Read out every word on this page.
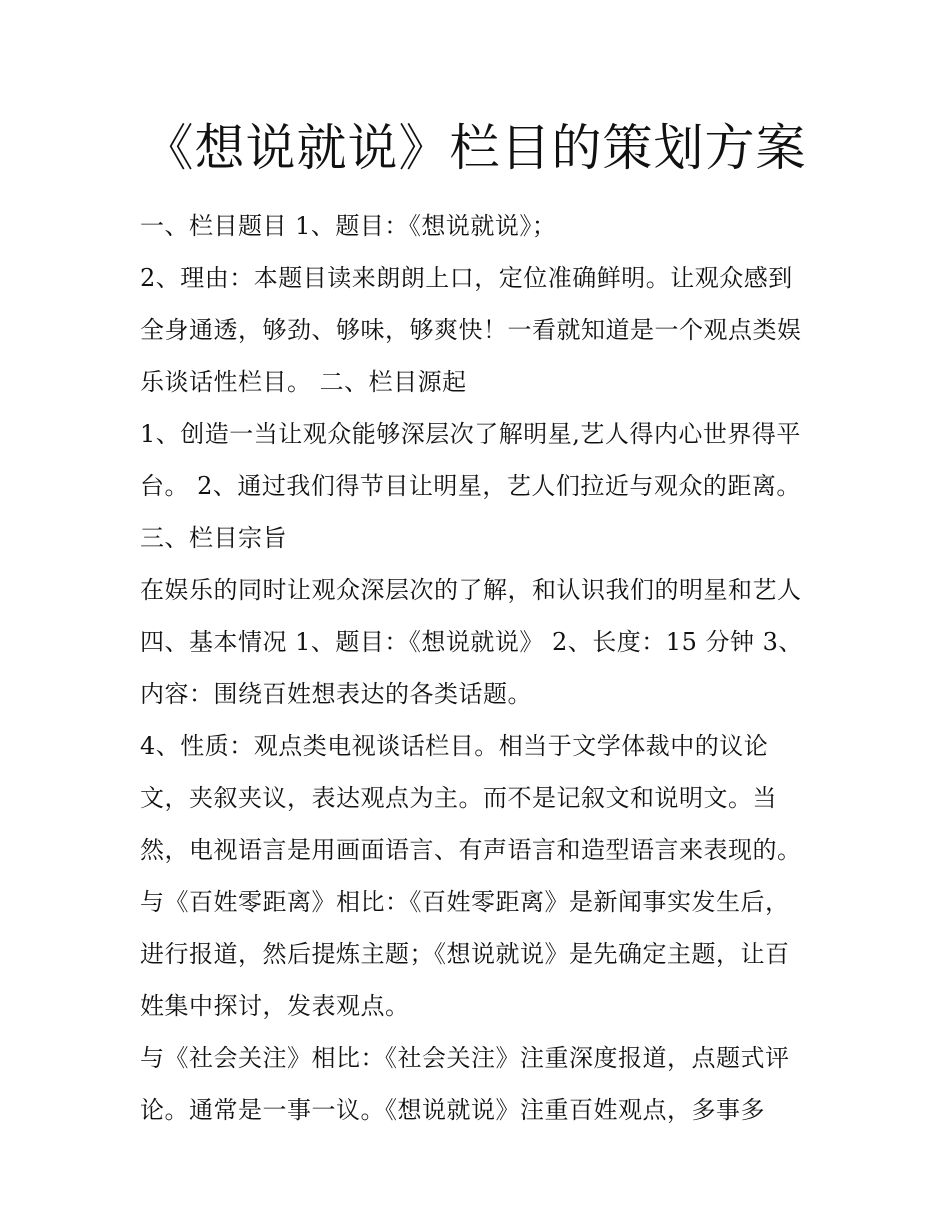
《想说就说》栏目的策划方案
一、栏目题目 1、题目：《想说就说》；
2、理由：本题目读来朗朗上口，定位准确鲜明。让观众感到
全身通透，够劲、够味，够爽快！一看就知道是一个观点类娱
乐谈话性栏目。 二、栏目源起
1、创造一当让观众能够深层次了解明星,艺人得内心世界得平
台。 2、通过我们得节目让明星，艺人们拉近与观众的距离。
三、栏目宗旨
在娱乐的同时让观众深层次的了解，和认识我们的明星和艺人
四、基本情况 1、题目：《想说就说》 2、长度：15 分钟 3、
内容：围绕百姓想表达的各类话题。
4、性质：观点类电视谈话栏目。相当于文学体裁中的议论
文，夹叙夹议，表达观点为主。而不是记叙文和说明文。当
然，电视语言是用画面语言、有声语言和造型语言来表现的。
与《百姓零距离》相比：《百姓零距离》是新闻事实发生后，
进行报道，然后提炼主题；《想说就说》是先确定主题，让百
姓集中探讨，发表观点。
与《社会关注》相比：《社会关注》注重深度报道，点题式评
论。通常是一事一议。《想说就说》注重百姓观点，多事多
